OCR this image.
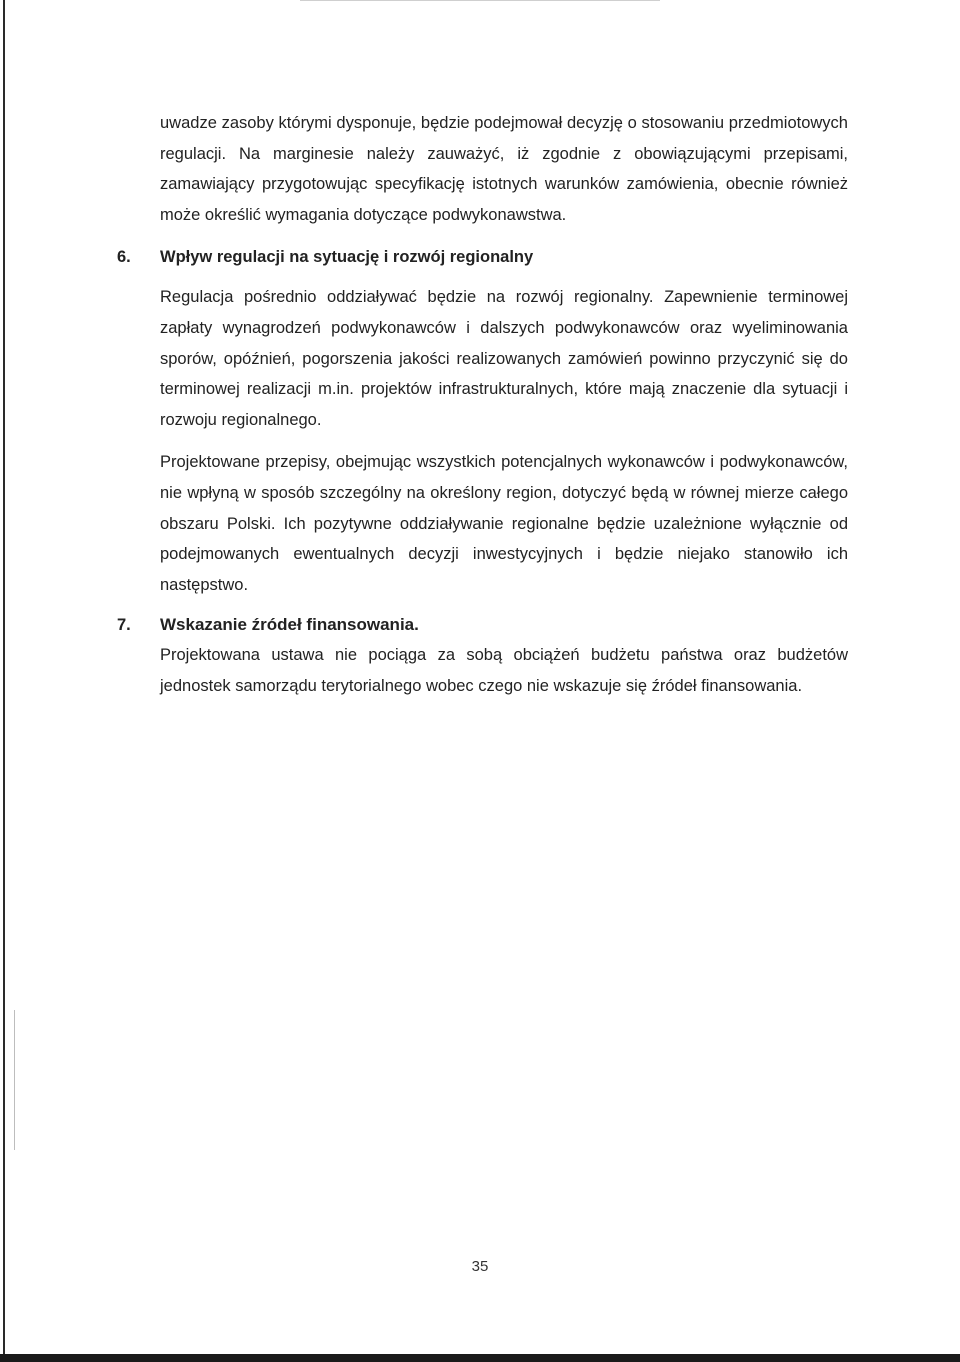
uwadze zasoby którymi dysponuje, będzie podejmował decyzję o stosowaniu przedmiotowych regulacji. Na marginesie należy zauważyć, iż zgodnie z obowiązującymi przepisami, zamawiający przygotowując specyfikację istotnych warunków zamówienia, obecnie również może określić wymagania dotyczące podwykonawstwa.

6. Wpływ regulacji na sytuację i rozwój regionalny

Regulacja pośrednio oddziaływać będzie na rozwój regionalny. Zapewnienie terminowej zapłaty wynagrodzeń podwykonawców i dalszych podwykonawców oraz wyeliminowania sporów, opóźnień, pogorszenia jakości realizowanych zamówień powinno przyczynić się do terminowej realizacji m.in. projektów infrastrukturalnych, które mają znaczenie dla sytuacji i rozwoju regionalnego.

Projektowane przepisy, obejmując wszystkich potencjalnych wykonawców i podwykonawców, nie wpłyną w sposób szczególny na określony region, dotyczyć będą w równej mierze całego obszaru Polski. Ich pozytywne oddziaływanie regionalne będzie uzależnione wyłącznie od podejmowanych ewentualnych decyzji inwestycyjnych i będzie niejako stanowiło ich następstwo.

7. Wskazanie źródeł finansowania.

Projektowana ustawa nie pociąga za sobą obciążeń budżetu państwa oraz budżetów jednostek samorządu terytorialnego wobec czego nie wskazuje się źródeł finansowania.

35
